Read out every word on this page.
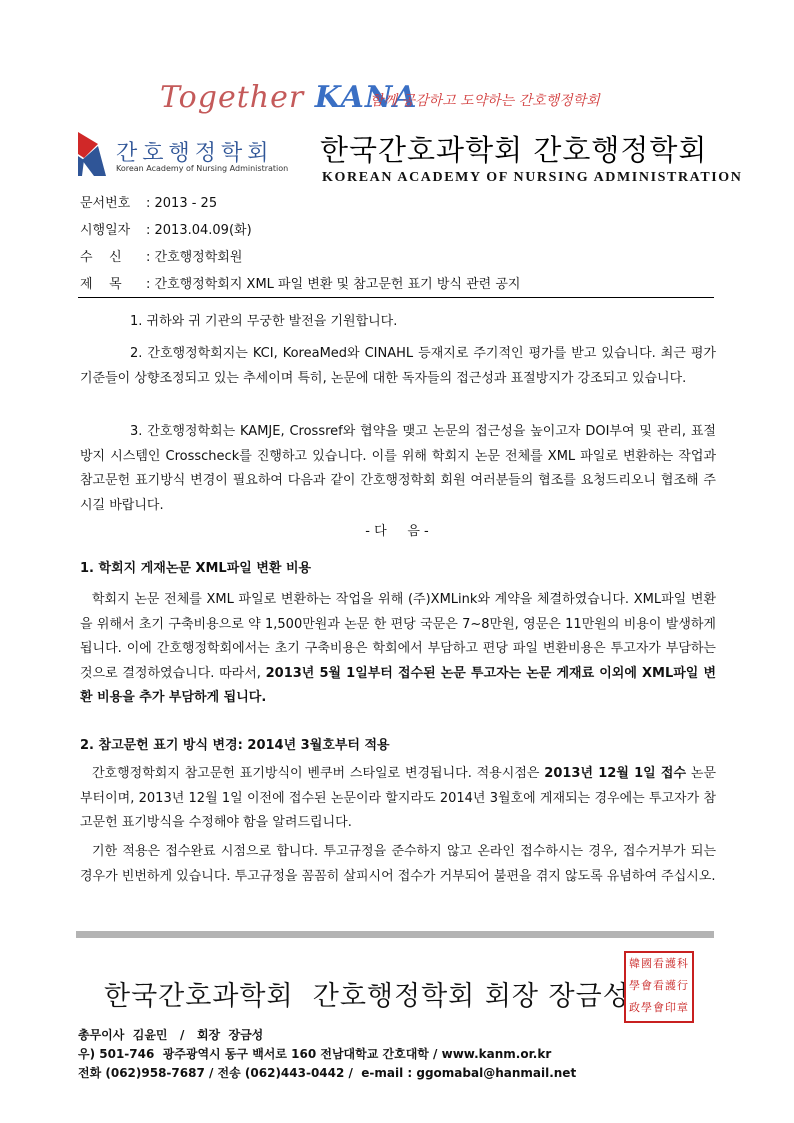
Together KANA
함께 공감하고 도약하는 간호행정학회
간호행정학회
Korean Academy of Nursing Administration
한국간호과학회 간호행정학회
KOREAN ACADEMY OF NURSING ADMINISTRATION
문서번호 : 2013 - 25
시행일자 : 2013.04.09(화)
수    신 : 간호행정학회원
제    목 : 간호행정학회지 XML 파일 변환 및 참고문헌 표기 방식 관련 공지
1. 귀하와 귀 기관의 무궁한 발전을 기원합니다.
2. 간호행정학회지는 KCI, KoreaMed와 CINAHL 등재지로 주기적인 평가를 받고 있습니다. 최근 평가 기준들이 상향조정되고 있는 추세이며 특히, 논문에 대한 독자들의 접근성과 표절방지가 강조되고 있습니다.
3. 간호행정학회는 KAMJE, Crossref와 협약을 맺고 논문의 접근성을 높이고자 DOI부여 및 관리, 표절방지 시스템인 Crosscheck를 진행하고 있습니다. 이를 위해 학회지 논문 전체를 XML 파일로 변환하는 작업과 참고문헌 표기방식 변경이 필요하여 다음과 같이 간호행정학회 회원 여러분들의 협조를 요청드리오니 협조해 주시길 바랍니다.
- 다     음 -
1. 학회지 게재논문 XML파일 변환 비용
학회지 논문 전체를 XML 파일로 변환하는 작업을 위해 (주)XMLink와 계약을 체결하였습니다. XML파일 변환을 위해서 초기 구축비용으로 약 1,500만원과 논문 한 편당 국문은 7~8만원, 영문은 11만원의 비용이 발생하게 됩니다. 이에 간호행정학회에서는 초기 구축비용은 학회에서 부담하고 편당 파일 변환비용은 투고자가 부담하는 것으로 결정하였습니다. 따라서, 2013년 5월 1일부터 접수된 논문 투고자는 논문 게재료 이외에 XML파일 변환 비용을 추가 부담하게 됩니다.
2. 참고문헌 표기 방식 변경: 2014년 3월호부터 적용
간호행정학회지 참고문헌 표기방식이 벤쿠버 스타일로 변경됩니다. 적용시점은 2013년 12월 1일 접수 논문부터이며, 2013년 12월 1일 이전에 접수된 논문이라 할지라도 2014년 3월호에 게재되는 경우에는 투고자가 참고문헌 표기방식을 수정해야 함을 알려드립니다.
기한 적용은 접수완료 시점으로 합니다. 투고규정을 준수하지 않고 온라인 접수하시는 경우, 접수거부가 되는 경우가 빈번하게 있습니다. 투고규정을 꼼꼼히 살피시어 접수가 거부되어 불편을 겪지 않도록 유념하여 주십시오.
한국간호과학회  간호행정학회 회장 장금성
韓國看護科
學會看護行
政學會印章
총무이사  김윤민   /   회장  장금성
우) 501-746  광주광역시 동구 백서로 160 전남대학교 간호대학 / www.kanm.or.kr
전화 (062)958-7687 / 전송 (062)443-0442 /  e-mail : ggomabal@hanmail.net
